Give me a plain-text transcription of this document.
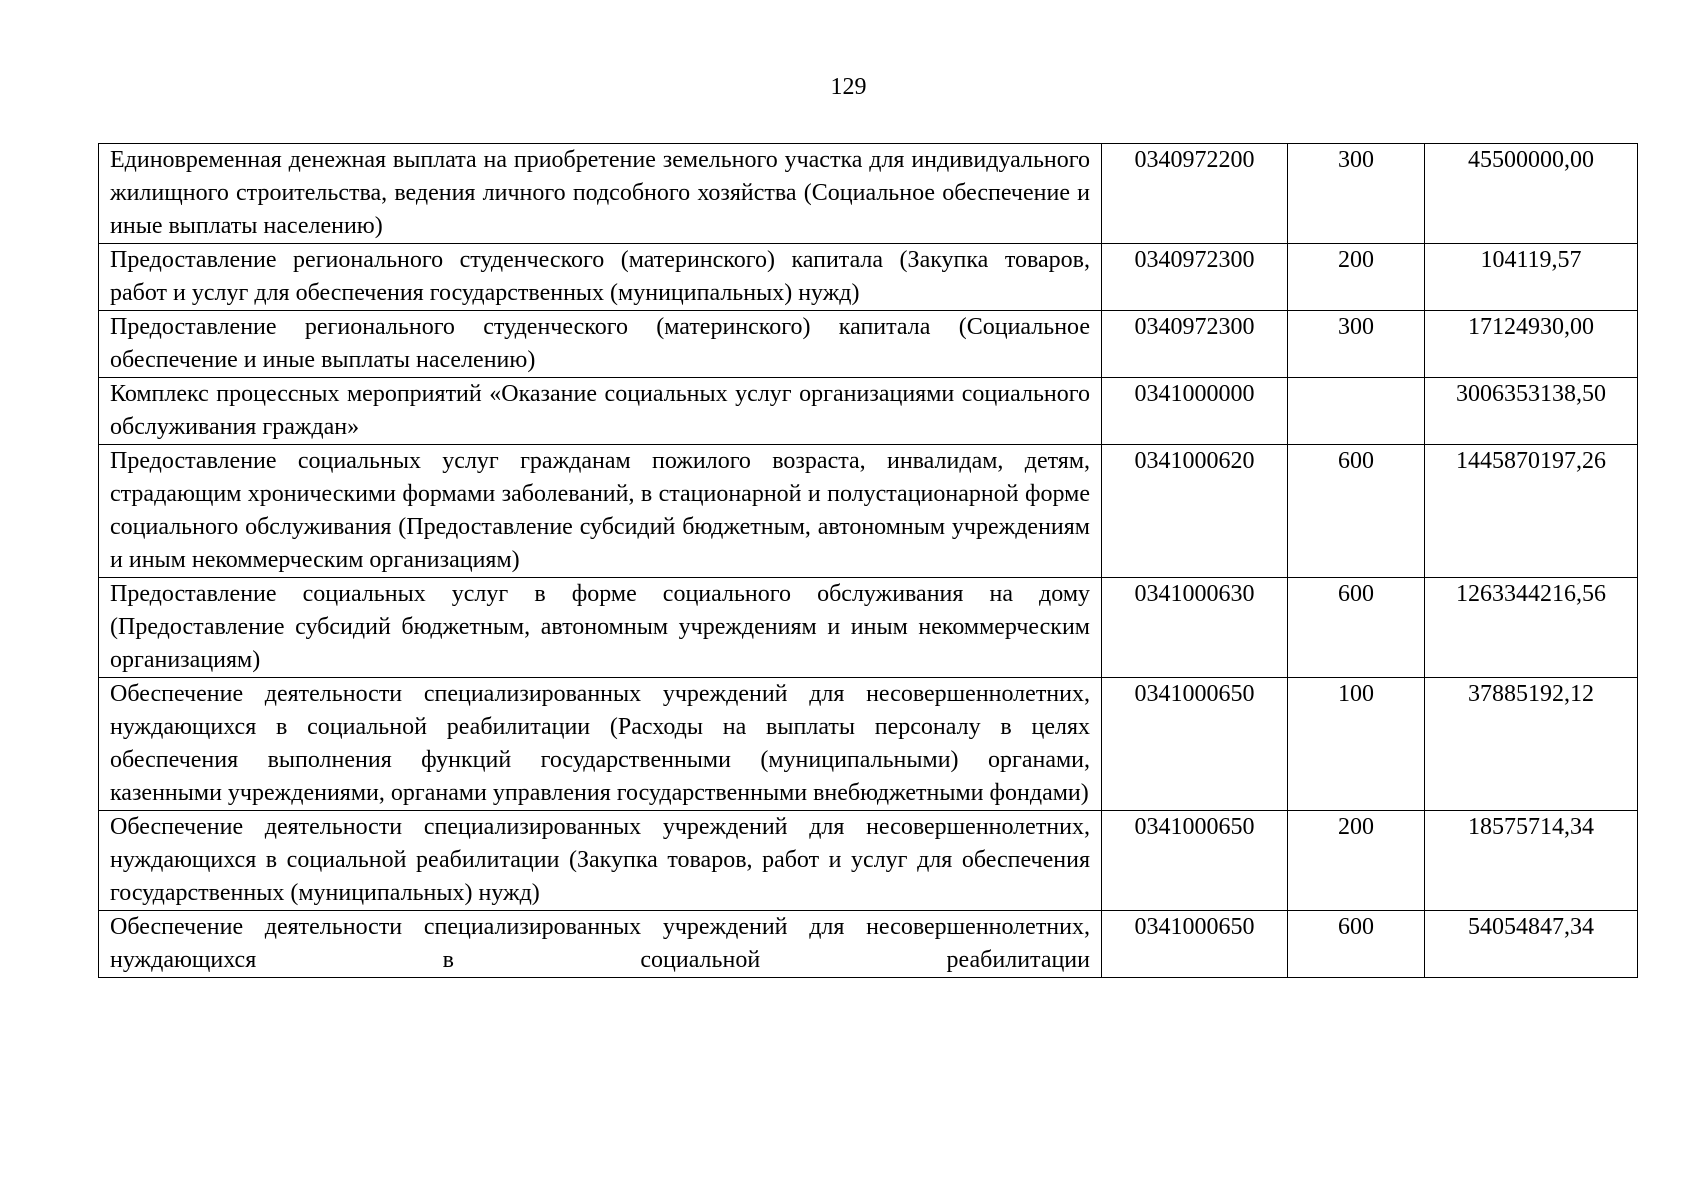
129
Единовременная денежная выплата на приобретение земельного участка для индивидуального жилищного строительства, ведения личного подсобного хозяйства (Социальное обеспечение и иные выплаты населению)	0340972200	300	45500000,00
Предоставление регионального студенческого (материнского) капитала (Закупка товаров, работ и услуг для обеспечения государственных (муниципальных) нужд)	0340972300	200	104119,57
Предоставление регионального студенческого (материнского) капитала (Социальное обеспечение и иные выплаты населению)	0340972300	300	17124930,00
Комплекс процессных мероприятий «Оказание социальных услуг организациями социального обслуживания граждан»	0341000000		3006353138,50
Предоставление социальных услуг гражданам пожилого возраста, инвалидам, детям, страдающим хроническими формами заболеваний, в стационарной и полустационарной форме социального обслуживания (Предоставление субсидий бюджетным, автономным учреждениям и иным некоммерческим организациям)	0341000620	600	1445870197,26
Предоставление социальных услуг в форме социального обслуживания на дому (Предоставление субсидий бюджетным, автономным учреждениям и иным некоммерческим организациям)	0341000630	600	1263344216,56
Обеспечение деятельности специализированных учреждений для несовершеннолетних, нуждающихся в социальной реабилитации (Расходы на выплаты персоналу в целях обеспечения выполнения функций государственными (муниципальными) органами, казенными учреждениями, органами управления государственными внебюджетными фондами)	0341000650	100	37885192,12
Обеспечение деятельности специализированных учреждений для несовершеннолетних, нуждающихся в социальной реабилитации (Закупка товаров, работ и услуг для обеспечения государственных (муниципальных) нужд)	0341000650	200	18575714,34
Обеспечение деятельности специализированных учреждений для несовершеннолетних, нуждающихся в социальной реабилитации	0341000650	600	54054847,34
